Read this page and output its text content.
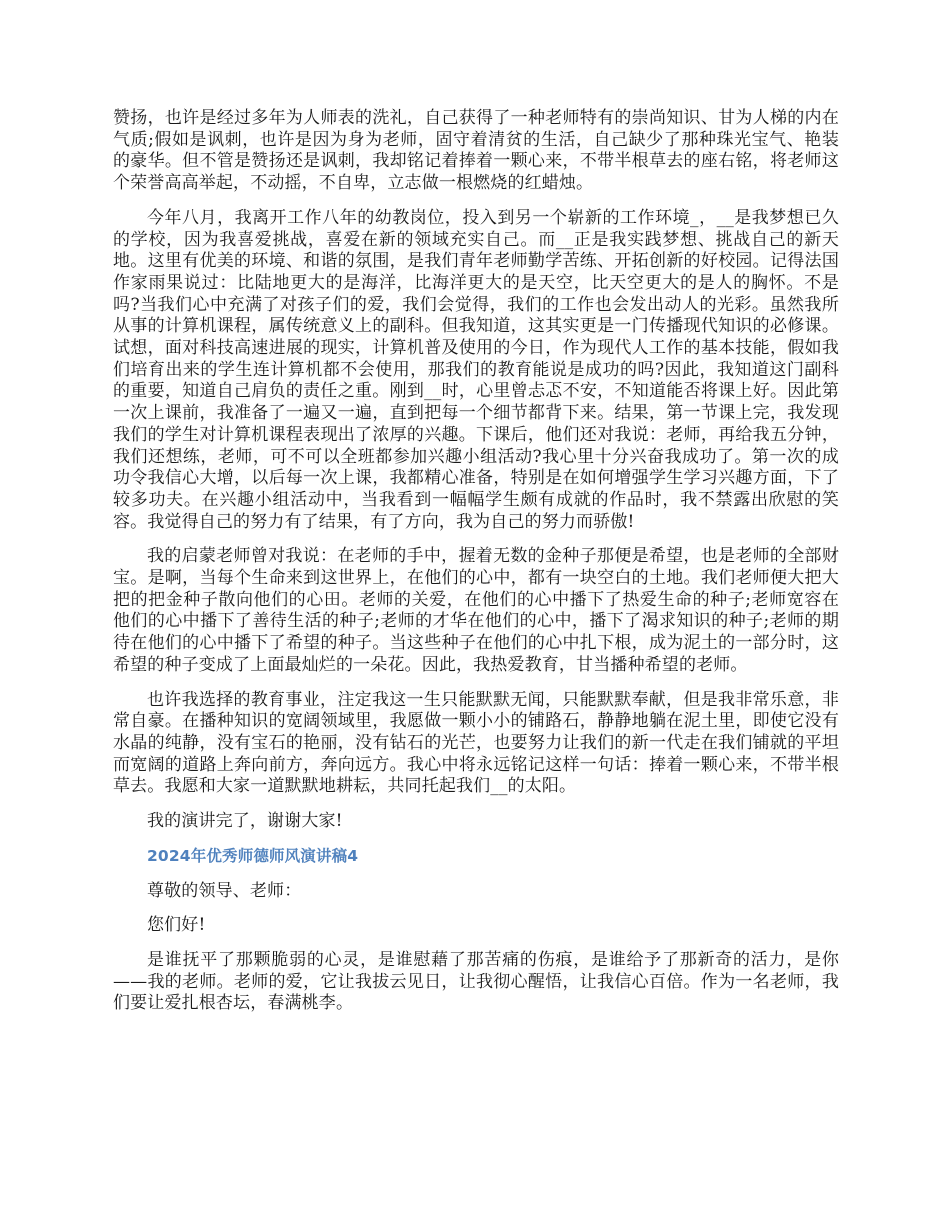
赞扬，也许是经过多年为人师表的洗礼，自己获得了一种老师特有的崇尚知识、甘为人梯的内在气质;假如是讽刺，也许是因为身为老师，固守着清贫的生活，自己缺少了那种珠光宝气、艳装的豪华。但不管是赞扬还是讽刺，我却铭记着捧着一颗心来，不带半根草去的座右铭，将老师这个荣誉高高举起，不动摇，不自卑，立志做一根燃烧的红蜡烛。

今年八月，我离开工作八年的幼教岗位，投入到另一个崭新的工作环境_，__是我梦想已久的学校，因为我喜爱挑战，喜爱在新的领域充实自己。而__正是我实践梦想、挑战自己的新天地。这里有优美的环境、和谐的氛围，是我们青年老师勤学苦练、开拓创新的好校园。记得法国作家雨果说过：比陆地更大的是海洋，比海洋更大的是天空，比天空更大的是人的胸怀。不是吗?当我们心中充满了对孩子们的爱，我们会觉得，我们的工作也会发出动人的光彩。虽然我所从事的计算机课程，属传统意义上的副科。但我知道，这其实更是一门传播现代知识的必修课。试想，面对科技高速进展的现实，计算机普及使用的今日，作为现代人工作的基本技能，假如我们培育出来的学生连计算机都不会使用，那我们的教育能说是成功的吗?因此，我知道这门副科的重要，知道自己肩负的责任之重。刚到__时，心里曾忐忑不安，不知道能否将课上好。因此第一次上课前，我准备了一遍又一遍，直到把每一个细节都背下来。结果，第一节课上完，我发现我们的学生对计算机课程表现出了浓厚的兴趣。下课后，他们还对我说：老师，再给我五分钟，我们还想练，老师，可不可以全班都参加兴趣小组活动?我心里十分兴奋我成功了。第一次的成功令我信心大增，以后每一次上课，我都精心准备，特别是在如何增强学生学习兴趣方面，下了较多功夫。在兴趣小组活动中，当我看到一幅幅学生颇有成就的作品时，我不禁露出欣慰的笑容。我觉得自己的努力有了结果，有了方向，我为自己的努力而骄傲!

我的启蒙老师曾对我说：在老师的手中，握着无数的金种子那便是希望，也是老师的全部财宝。是啊，当每个生命来到这世界上，在他们的心中，都有一块空白的土地。我们老师便大把大把的把金种子散向他们的心田。老师的关爱，在他们的心中播下了热爱生命的种子;老师宽容在他们的心中播下了善待生活的种子;老师的才华在他们的心中，播下了渴求知识的种子;老师的期待在他们的心中播下了希望的种子。当这些种子在他们的心中扎下根，成为泥土的一部分时，这希望的种子变成了上面最灿烂的一朵花。因此，我热爱教育，甘当播种希望的老师。

也许我选择的教育事业，注定我这一生只能默默无闻，只能默默奉献，但是我非常乐意，非常自豪。在播种知识的宽阔领域里，我愿做一颗小小的铺路石，静静地躺在泥土里，即使它没有水晶的纯静，没有宝石的艳丽，没有钻石的光芒，也要努力让我们的新一代走在我们铺就的平坦而宽阔的道路上奔向前方，奔向远方。我心中将永远铭记这样一句话：捧着一颗心来，不带半根草去。我愿和大家一道默默地耕耘，共同托起我们__的太阳。

我的演讲完了，谢谢大家!

2024年优秀师德师风演讲稿4

尊敬的领导、老师：

您们好!

是谁抚平了那颗脆弱的心灵，是谁慰藉了那苦痛的伤痕，是谁给予了那新奇的活力，是你——我的老师。老师的爱，它让我拔云见日，让我彻心醒悟，让我信心百倍。作为一名老师，我们要让爱扎根杏坛，春满桃李。
